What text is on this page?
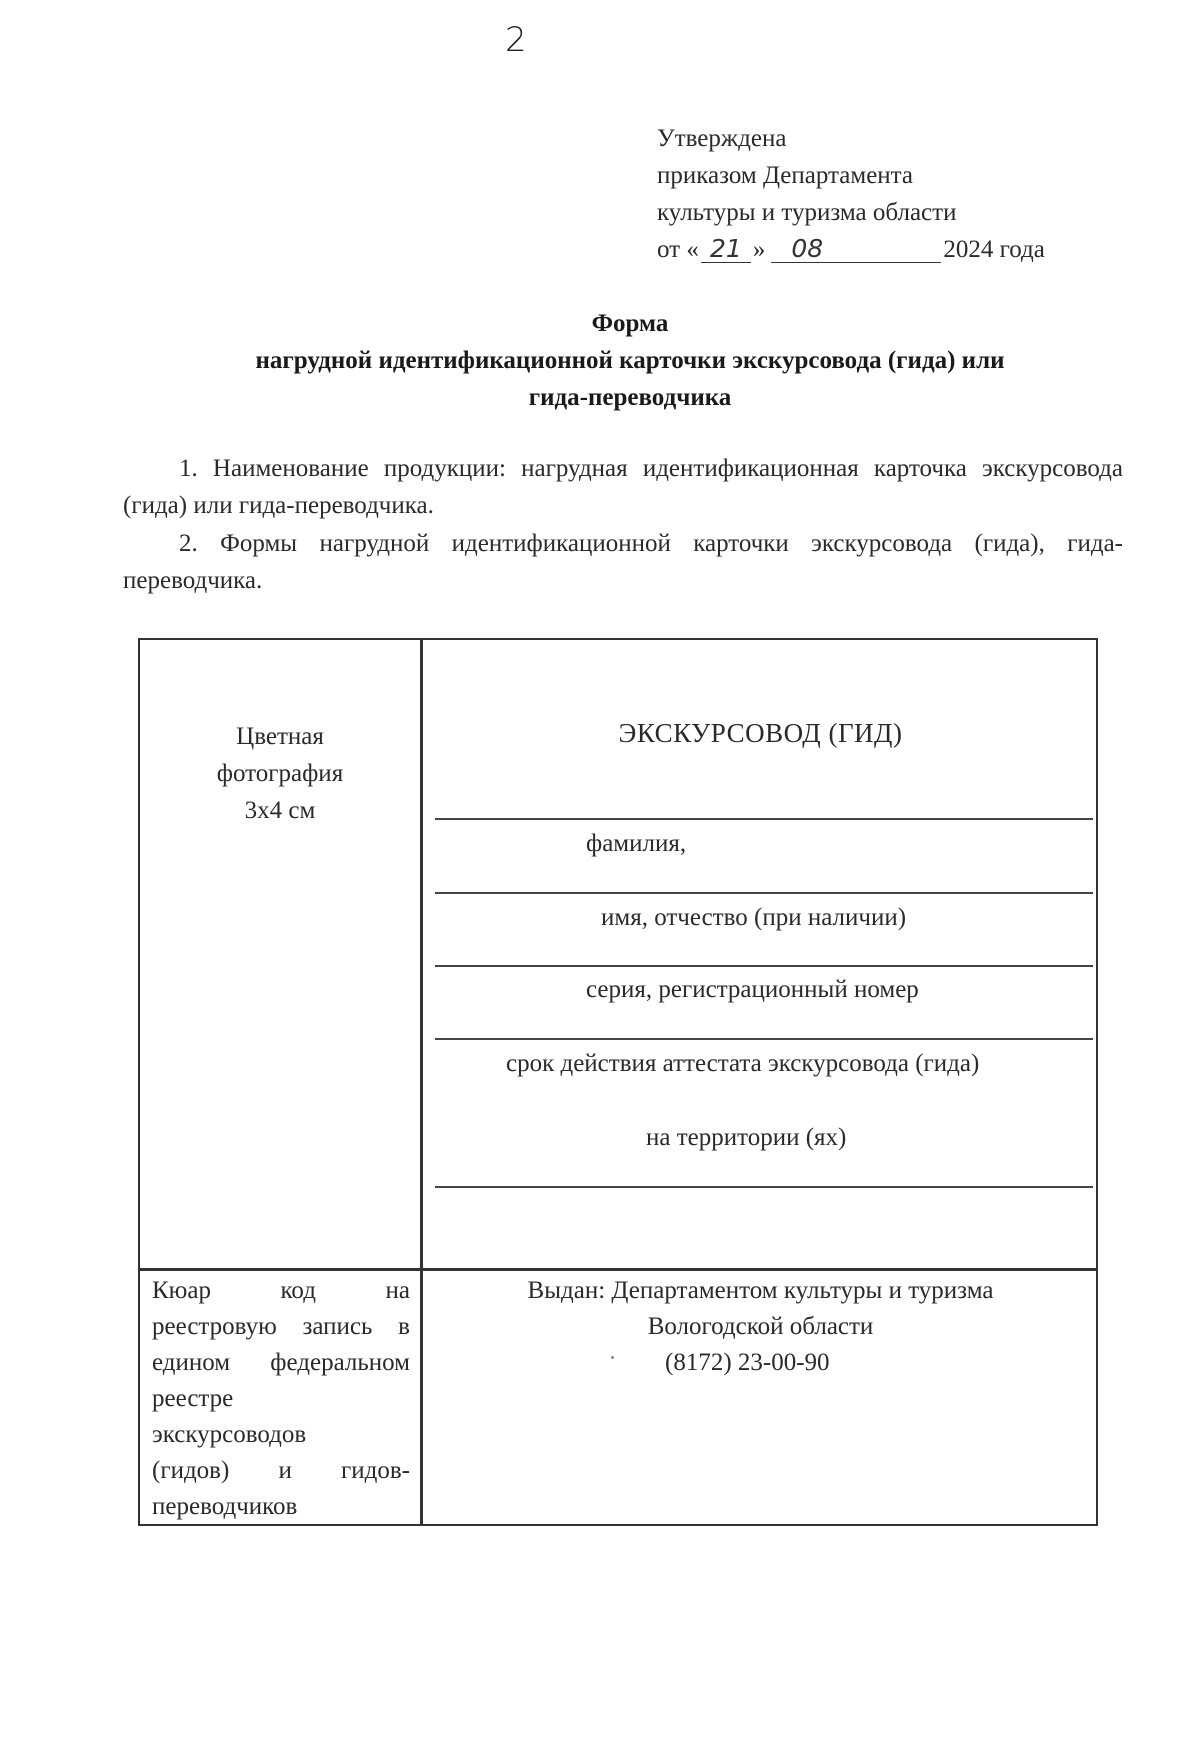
2
Утверждена
приказом Департамента
культуры и туризма области
от « 21 » 08	2024 года
Форма
нагрудной идентификационной карточки экскурсовода (гида) или
гида-переводчика
1. Наименование продукции: нагрудная идентификационная карточка экскурсовода (гида) или гида-переводчика.
2. Формы нагрудной идентификационной карточки экскурсовода (гида), гида-переводчика.
Цветная
фотография
3x4 см
ЭКСКУРСОВОД (ГИД)
фамилия,
имя, отчество (при наличии)
серия, регистрационный номер
срок действия аттестата экскурсовода (гида)
на территории (ях)
Кюар код на
реестровую запись в
едином федеральном
реестре
экскурсоводов
(гидов) и гидов-
переводчиков
Выдан: Департаментом культуры и туризма
Вологодской области
(8172) 23-00-90
